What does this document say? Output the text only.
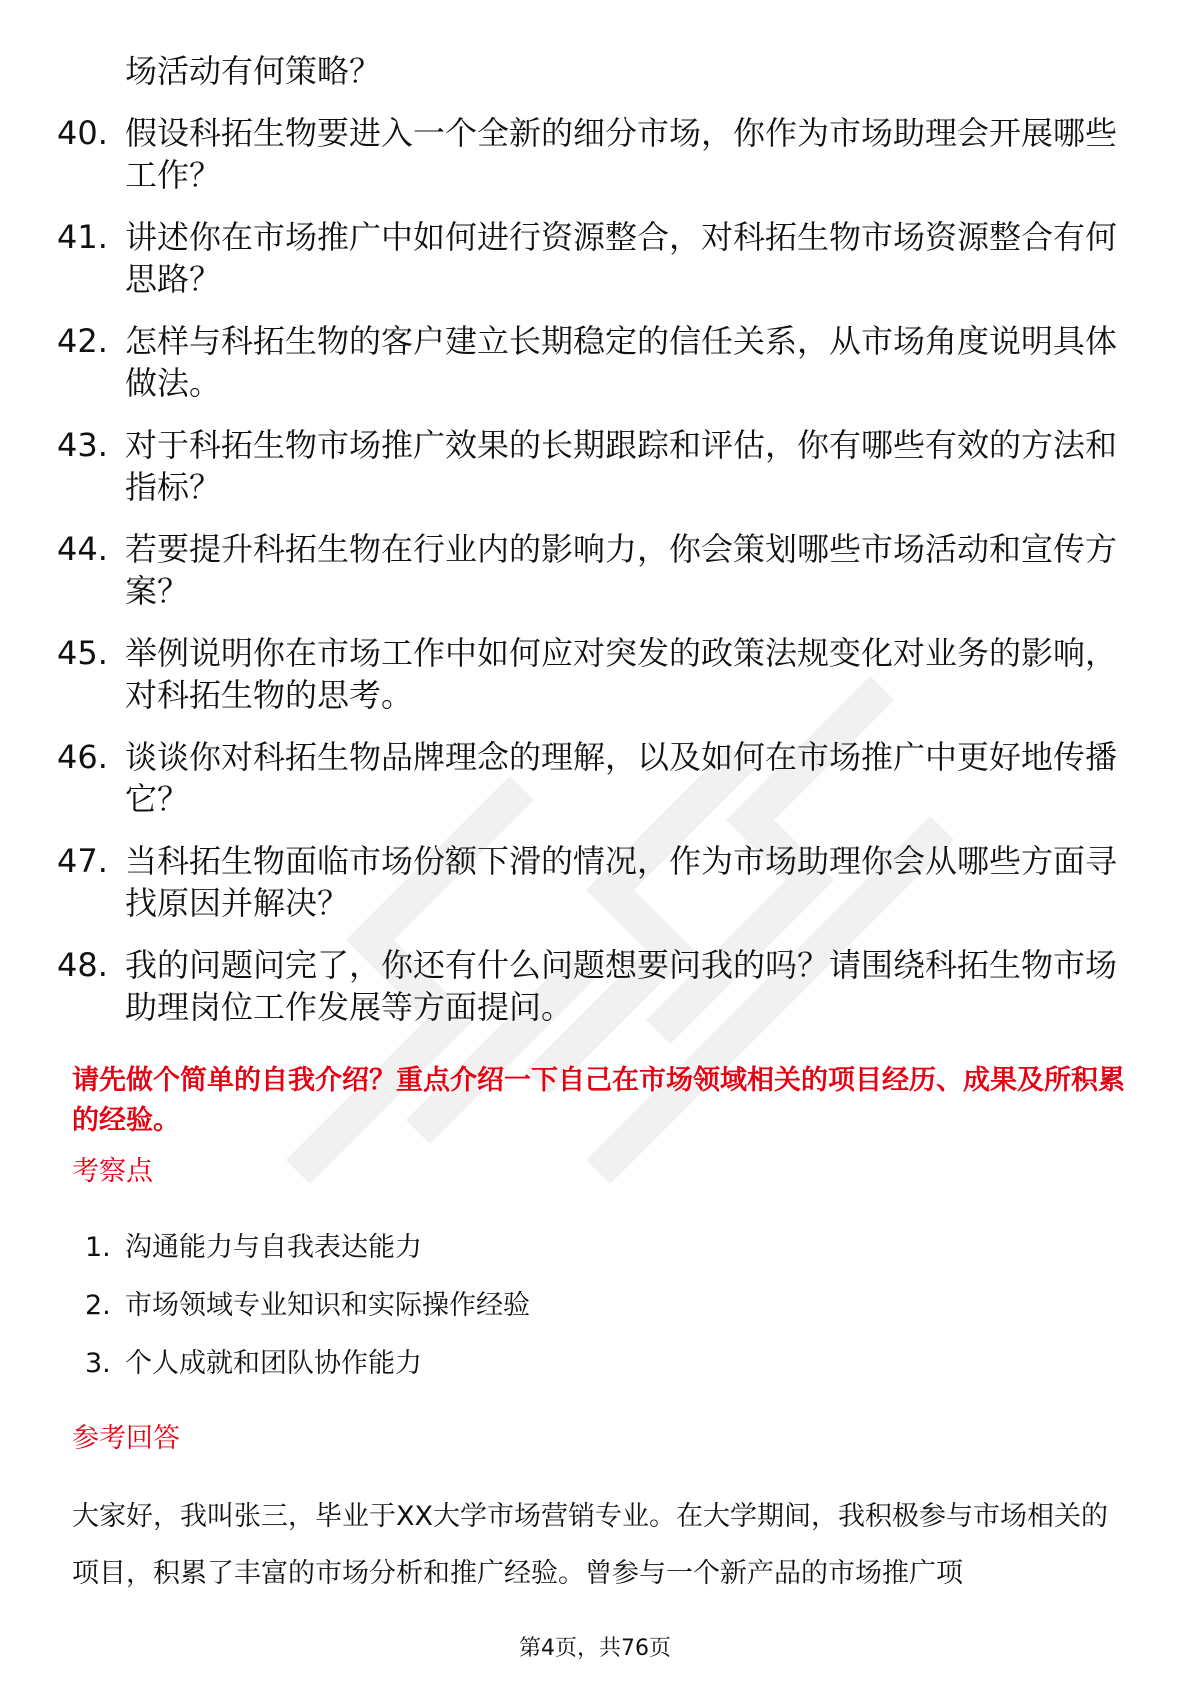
场活动有何策略？
40. 假设科拓生物要进入一个全新的细分市场，你作为市场助理会开展哪些工作？
41. 讲述你在市场推广中如何进行资源整合，对科拓生物市场资源整合有何思路？
42. 怎样与科拓生物的客户建立长期稳定的信任关系，从市场角度说明具体做法。
43. 对于科拓生物市场推广效果的长期跟踪和评估，你有哪些有效的方法和指标？
44. 若要提升科拓生物在行业内的影响力，你会策划哪些市场活动和宣传方案？
45. 举例说明你在市场工作中如何应对突发的政策法规变化对业务的影响，对科拓生物的思考。
46. 谈谈你对科拓生物品牌理念的理解，以及如何在市场推广中更好地传播它？
47. 当科拓生物面临市场份额下滑的情况，作为市场助理你会从哪些方面寻找原因并解决？
48. 我的问题问完了，你还有什么问题想要问我的吗？请围绕科拓生物市场助理岗位工作发展等方面提问。
请先做个简单的自我介绍？重点介绍一下自己在市场领域相关的项目经历、成果及所积累的经验。
考察点
1. 沟通能力与自我表达能力
2. 市场领域专业知识和实际操作经验
3. 个人成就和团队协作能力
参考回答
大家好，我叫张三，毕业于XX大学市场营销专业。在大学期间，我积极参与市场相关的项目，积累了丰富的市场分析和推广经验。曾参与一个新产品的市场推广项
第4页，共76页
